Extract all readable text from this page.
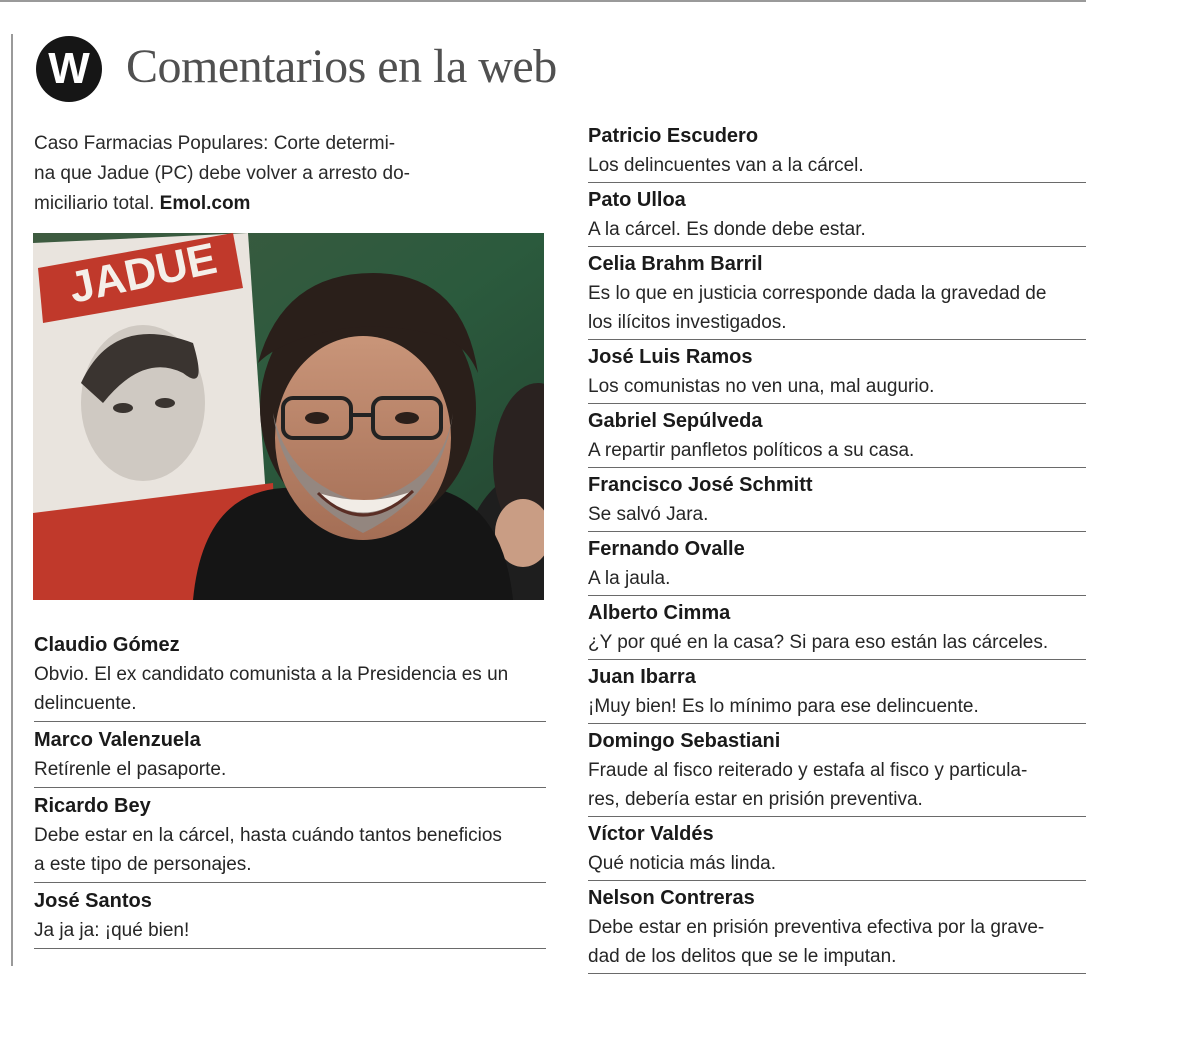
W Comentarios en la web
Caso Farmacias Populares: Corte determi-
na que Jadue (PC) debe volver a arresto do-
miciliario total. Emol.com
JADUE
Claudio Gómez
Obvio. El ex candidato comunista a la Presidencia es un
delincuente.
Marco Valenzuela
Retírenle el pasaporte.
Ricardo Bey
Debe estar en la cárcel, hasta cuándo tantos beneficios
a este tipo de personajes.
José Santos
Ja ja ja: ¡qué bien!
Patricio Escudero
Los delincuentes van a la cárcel.
Pato Ulloa
A la cárcel. Es donde debe estar.
Celia Brahm Barril
Es lo que en justicia corresponde dada la gravedad de
los ilícitos investigados.
José Luis Ramos
Los comunistas no ven una, mal augurio.
Gabriel Sepúlveda
A repartir panfletos políticos a su casa.
Francisco José Schmitt
Se salvó Jara.
Fernando Ovalle
A la jaula.
Alberto Cimma
¿Y por qué en la casa? Si para eso están las cárceles.
Juan Ibarra
¡Muy bien! Es lo mínimo para ese delincuente.
Domingo Sebastiani
Fraude al fisco reiterado y estafa al fisco y particula-
res, debería estar en prisión preventiva.
Víctor Valdés
Qué noticia más linda.
Nelson Contreras
Debe estar en prisión preventiva efectiva por la grave-
dad de los delitos que se le imputan.
